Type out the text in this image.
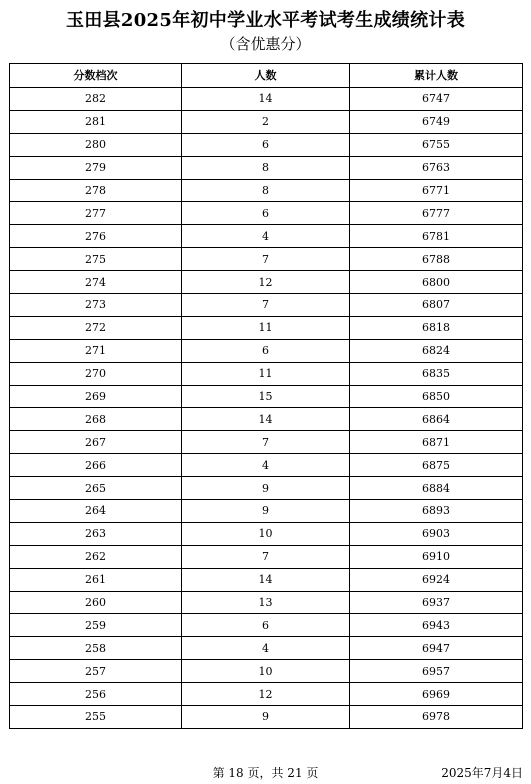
玉田县2025年初中学业水平考试考生成绩统计表
（含优惠分）
分数档次	人数	累计人数
282	14	6747
281	2	6749
280	6	6755
279	8	6763
278	8	6771
277	6	6777
276	4	6781
275	7	6788
274	12	6800
273	7	6807
272	11	6818
271	6	6824
270	11	6835
269	15	6850
268	14	6864
267	7	6871
266	4	6875
265	9	6884
264	9	6893
263	10	6903
262	7	6910
261	14	6924
260	13	6937
259	6	6943
258	4	6947
257	10	6957
256	12	6969
255	9	6978
第 18 页，共 21 页	2025年7月4日
